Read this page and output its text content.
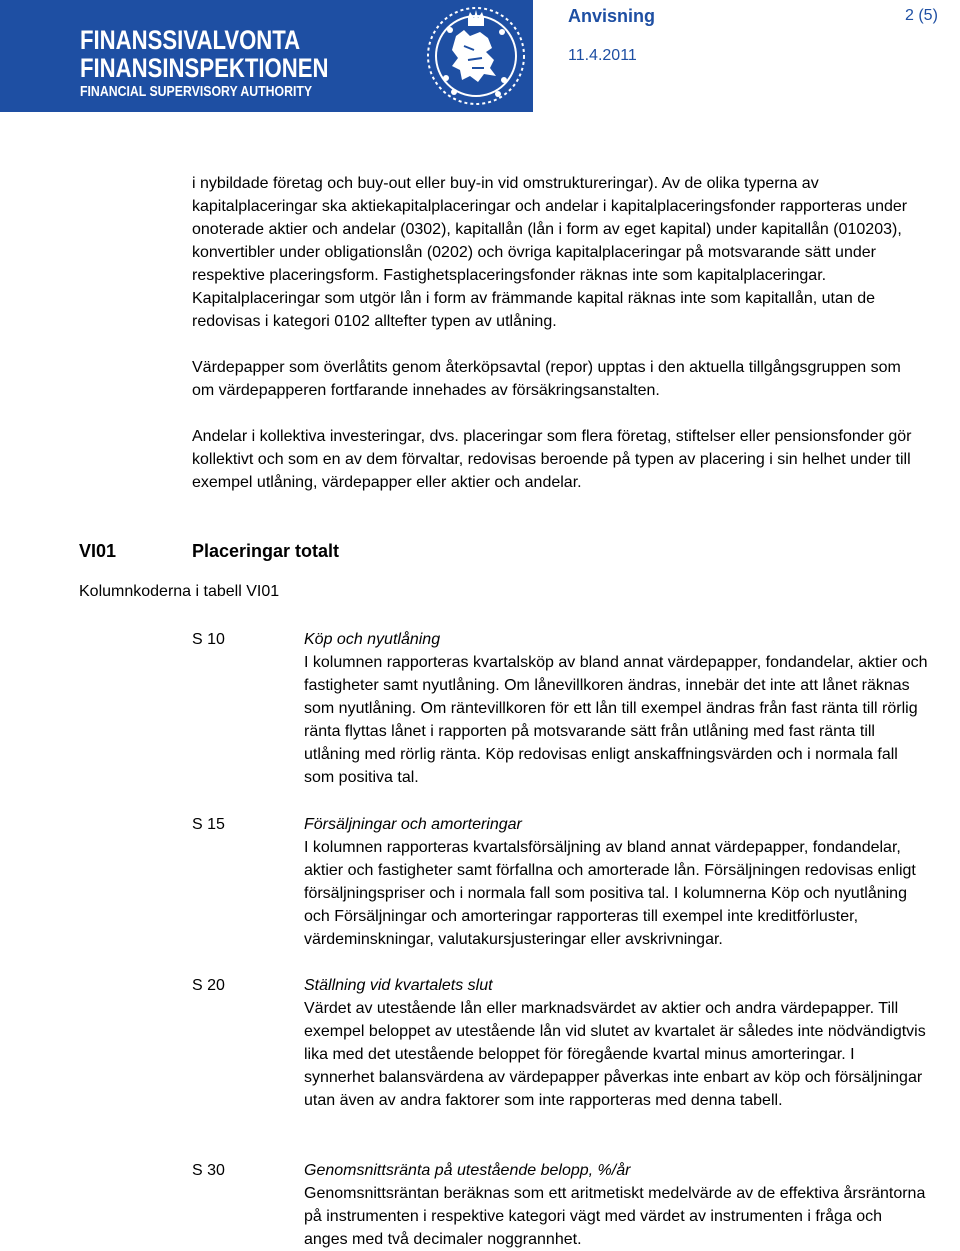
FINANSSIVALVONTA
FINANSINSPEKTIONEN
FINANCIAL SUPERVISORY AUTHORITY
Anvisning
11.4.2011
2 (5)

i nybildade företag och buy-out eller buy-in vid omstruktureringar). Av de olika typerna av kapitalplaceringar ska aktiekapitalplaceringar och andelar i kapitalplaceringsfonder rapporteras under onoterade aktier och andelar (0302), kapitallån (lån i form av eget kapital) under kapitallån (010203), konvertibler under obligationslån (0202) och övriga kapitalplaceringar på motsvarande sätt under respektive placeringsform. Fastighetsplaceringsfonder räknas inte som kapitalplaceringar. Kapitalplaceringar som utgör lån i form av främmande kapital räknas inte som kapitallån, utan de redovisas i kategori 0102 alltefter typen av utlåning.

Värdepapper som överlåtits genom återköpsavtal (repor) upptas i den aktuella tillgångsgruppen som om värdepapperen fortfarande innehades av försäkringsanstalten.

Andelar i kollektiva investeringar, dvs. placeringar som flera företag, stiftelser eller pensionsfonder gör kollektivt och som en av dem förvaltar, redovisas beroende på typen av placering i sin helhet under till exempel utlåning, värdepapper eller aktier och andelar.

VI01	Placeringar totalt
Kolumnkoderna i tabell VI01
S 10	Köp och nyutlåning

I kolumnen rapporteras kvartalsköp av bland annat värdepapper, fondandelar, aktier och fastigheter samt nyutlåning. Om lånevillkoren ändras, innebär det inte att lånet räknas som nyutlåning. Om räntevillkoren för ett lån till exempel ändras från fast ränta till rörlig ränta flyttas lånet i rapporten på motsvarande sätt från utlåning med fast ränta till utlåning med rörlig ränta. Köp redovisas enligt anskaffningsvärden och i normala fall som positiva tal.

S 15	Försäljningar och amorteringar

I kolumnen rapporteras kvartalsförsäljning av bland annat värdepapper, fondandelar, aktier och fastigheter samt förfallna och amorterade lån. Försäljningen redovisas enligt försäljningspriser och i normala fall som positiva tal. I kolumnerna Köp och nyutlåning och Försäljningar och amorteringar rapporteras till exempel inte kreditförluster, värdeminskningar, valutakursjusteringar eller avskrivningar.

S 20	Ställning vid kvartalets slut

Värdet av utestående lån eller marknadsvärdet av aktier och andra värdepapper. Till exempel beloppet av utestående lån vid slutet av kvartalet är således inte nödvändigtvis lika med det utestående beloppet för föregående kvartal minus amorteringar. I synnerhet balansvärdena av värdepapper påverkas inte enbart av köp och försäljningar utan även av andra faktorer som inte rapporteras med denna tabell.

S 30	Genomsnittsränta på utestående belopp, %/år

Genomsnittsräntan beräknas som ett aritmetiskt medelvärde av de effektiva årsräntorna på instrumenten i respektive kategori vägt med värdet av instrumenten i fråga och anges med två decimaler noggrannhet.
